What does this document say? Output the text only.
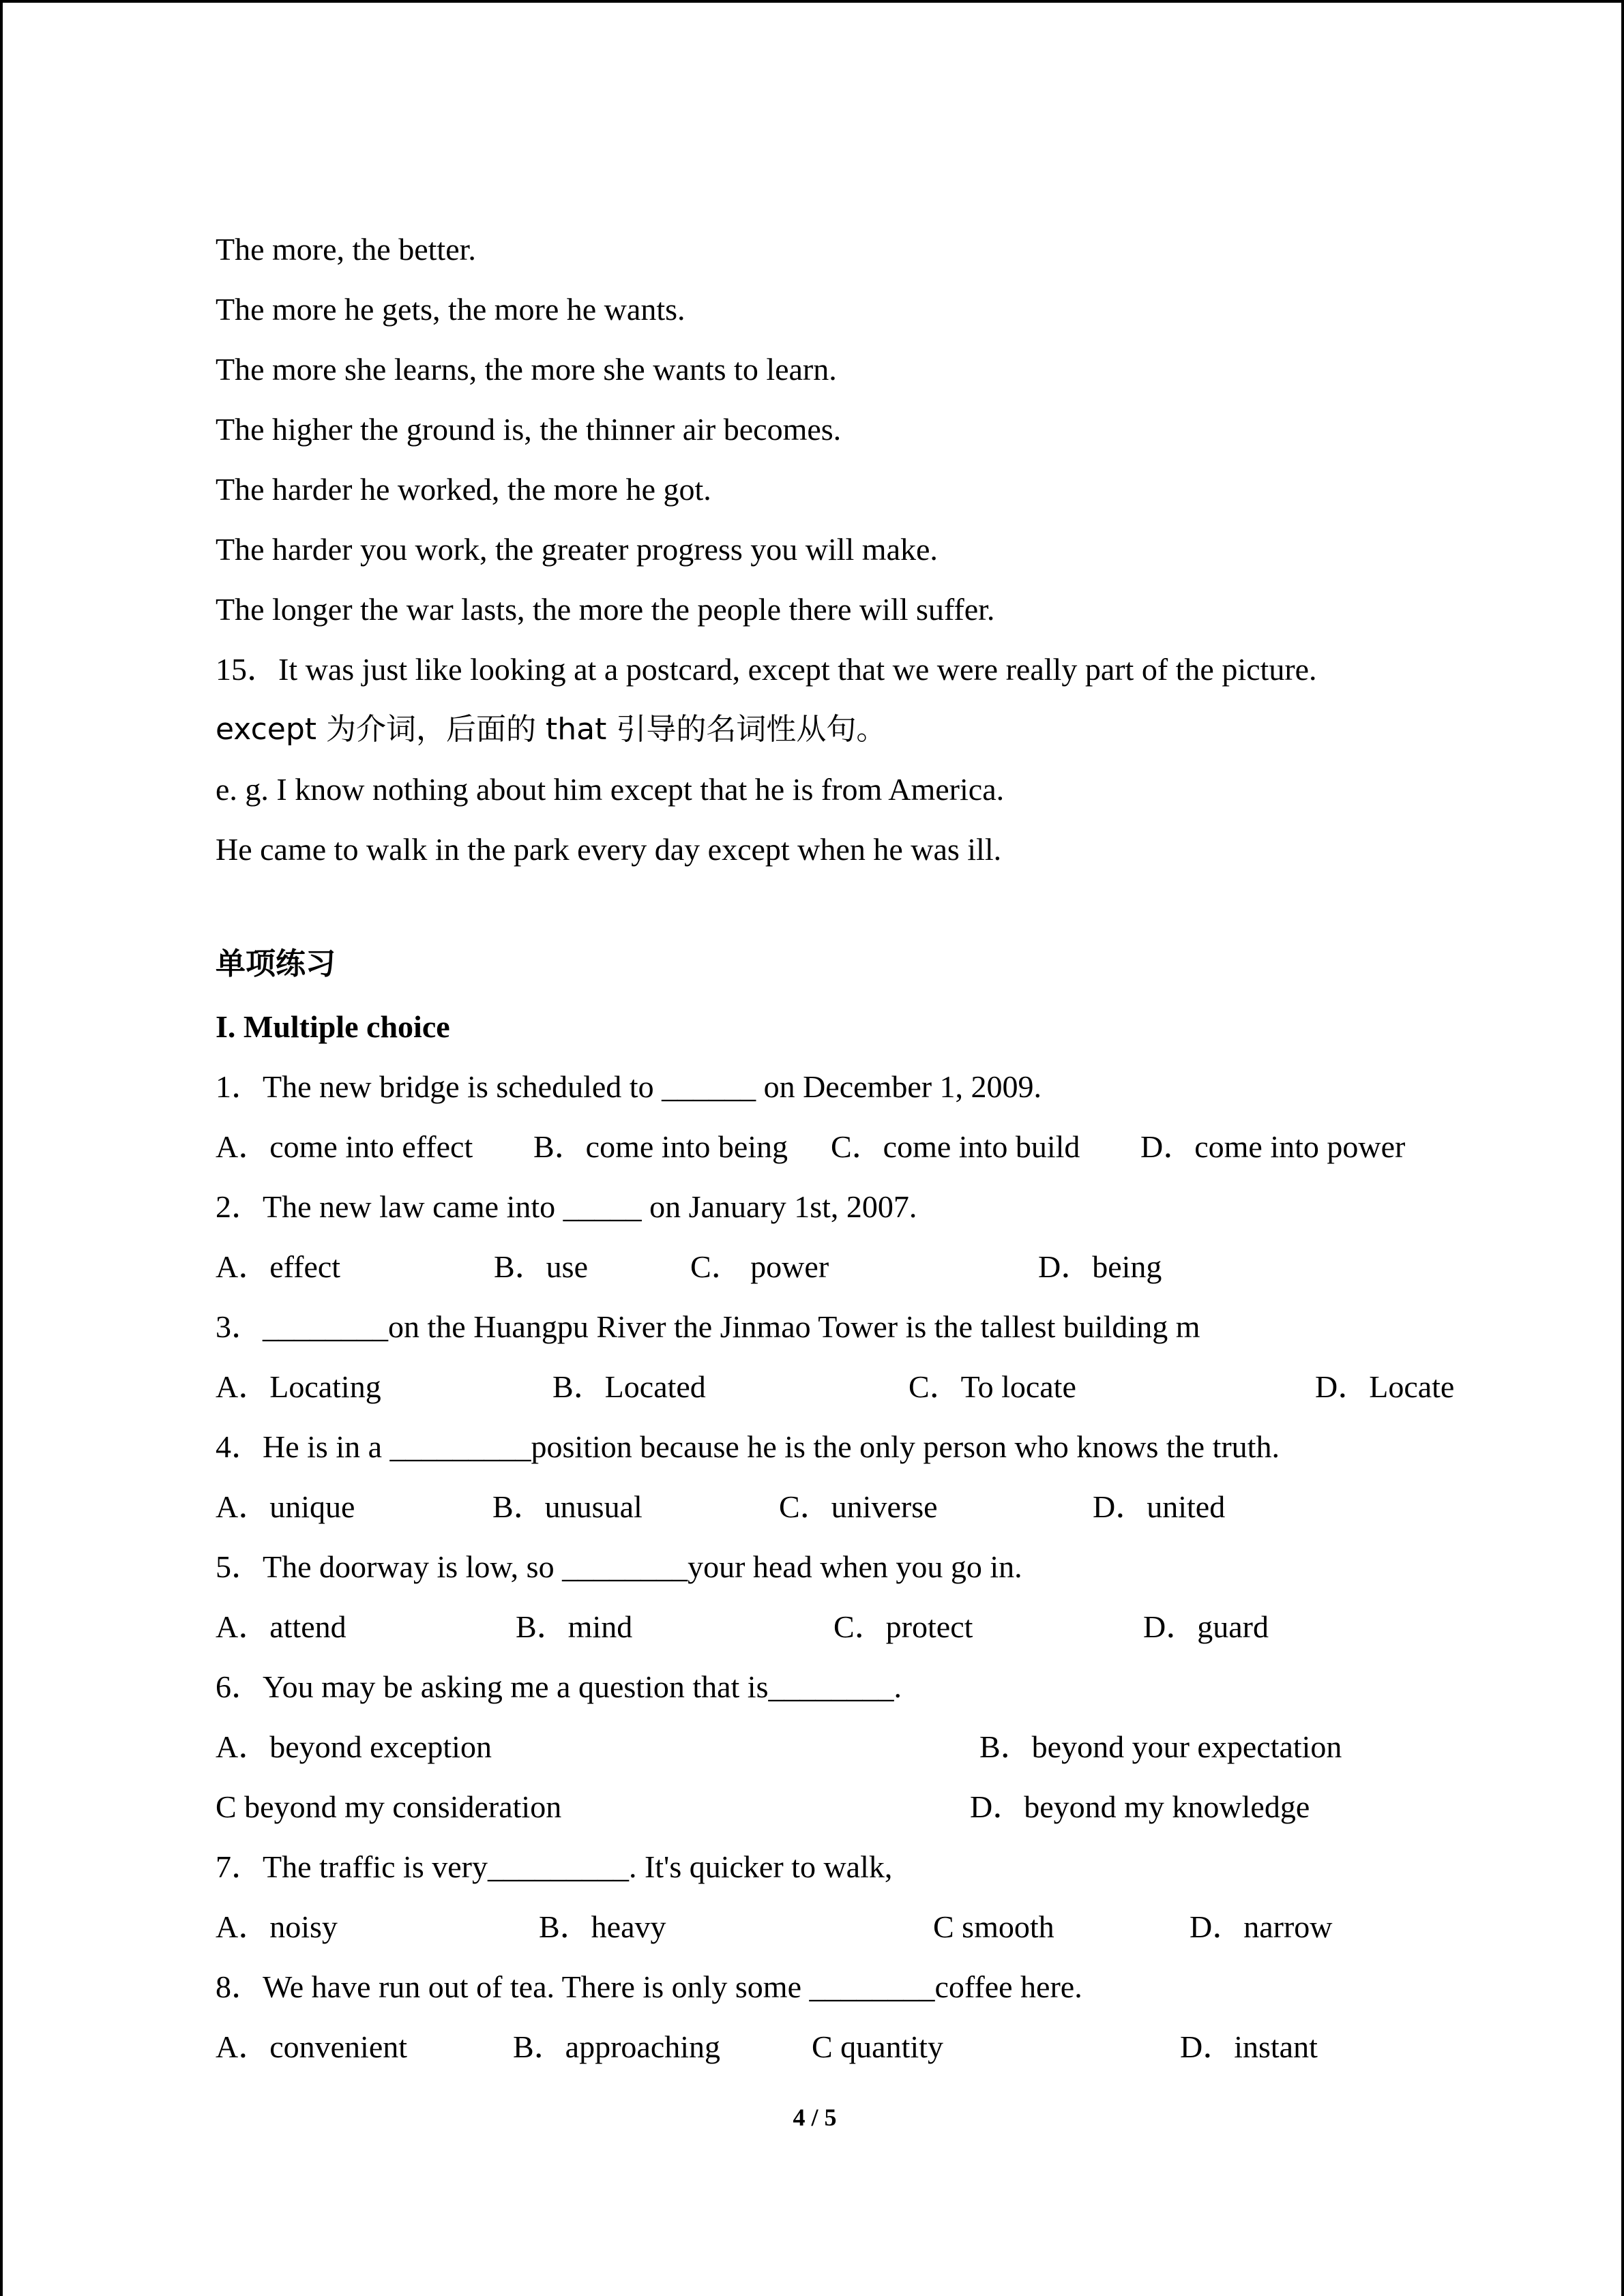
The more, the better.
The more he gets, the more he wants.
The more she learns, the more she wants to learn.
The higher the ground is, the thinner air becomes.
The harder he worked, the more he got.
The harder you work, the greater progress you will make.
The longer the war lasts, the more the people there will suffer.
15．It was just like looking at a postcard, except that we were really part of the picture.
except 为介词，后面的 that 引导的名词性从句。
e. g. I know nothing about him except that he is from America.
He came to walk in the park every day except when he was ill.
单项练习
I. Multiple choice
1．The new bridge is scheduled to ______ on December 1, 2009.
A．come into effect B．come into being C．come into build D．come into power
2．The new law came into _____ on January 1st, 2007.
A．effect	B．use	C． power	D．being
3．________on the Huangpu River the Jinmao Tower is the tallest building m
A．Locating	B．Located	C．To locate	D．Locate
4．He is in a _________position because he is the only person who knows the truth.
A．unique	B．unusual	C．universe	D．united
5．The doorway is low, so ________your head when you go in.
A．attend	B．mind	C．protect	D．guard
6．You may be asking me a question that is________.
A．beyond exception	B．beyond your expectation
C beyond my consideration	D．beyond my knowledge
7．The traffic is very_________. It's quicker to walk,
A．noisy	B．heavy	C smooth	D．narrow
8．We have run out of tea. There is only some ________coffee here.
A．convenient	B．approaching	C quantity	D．instant
4 / 5
